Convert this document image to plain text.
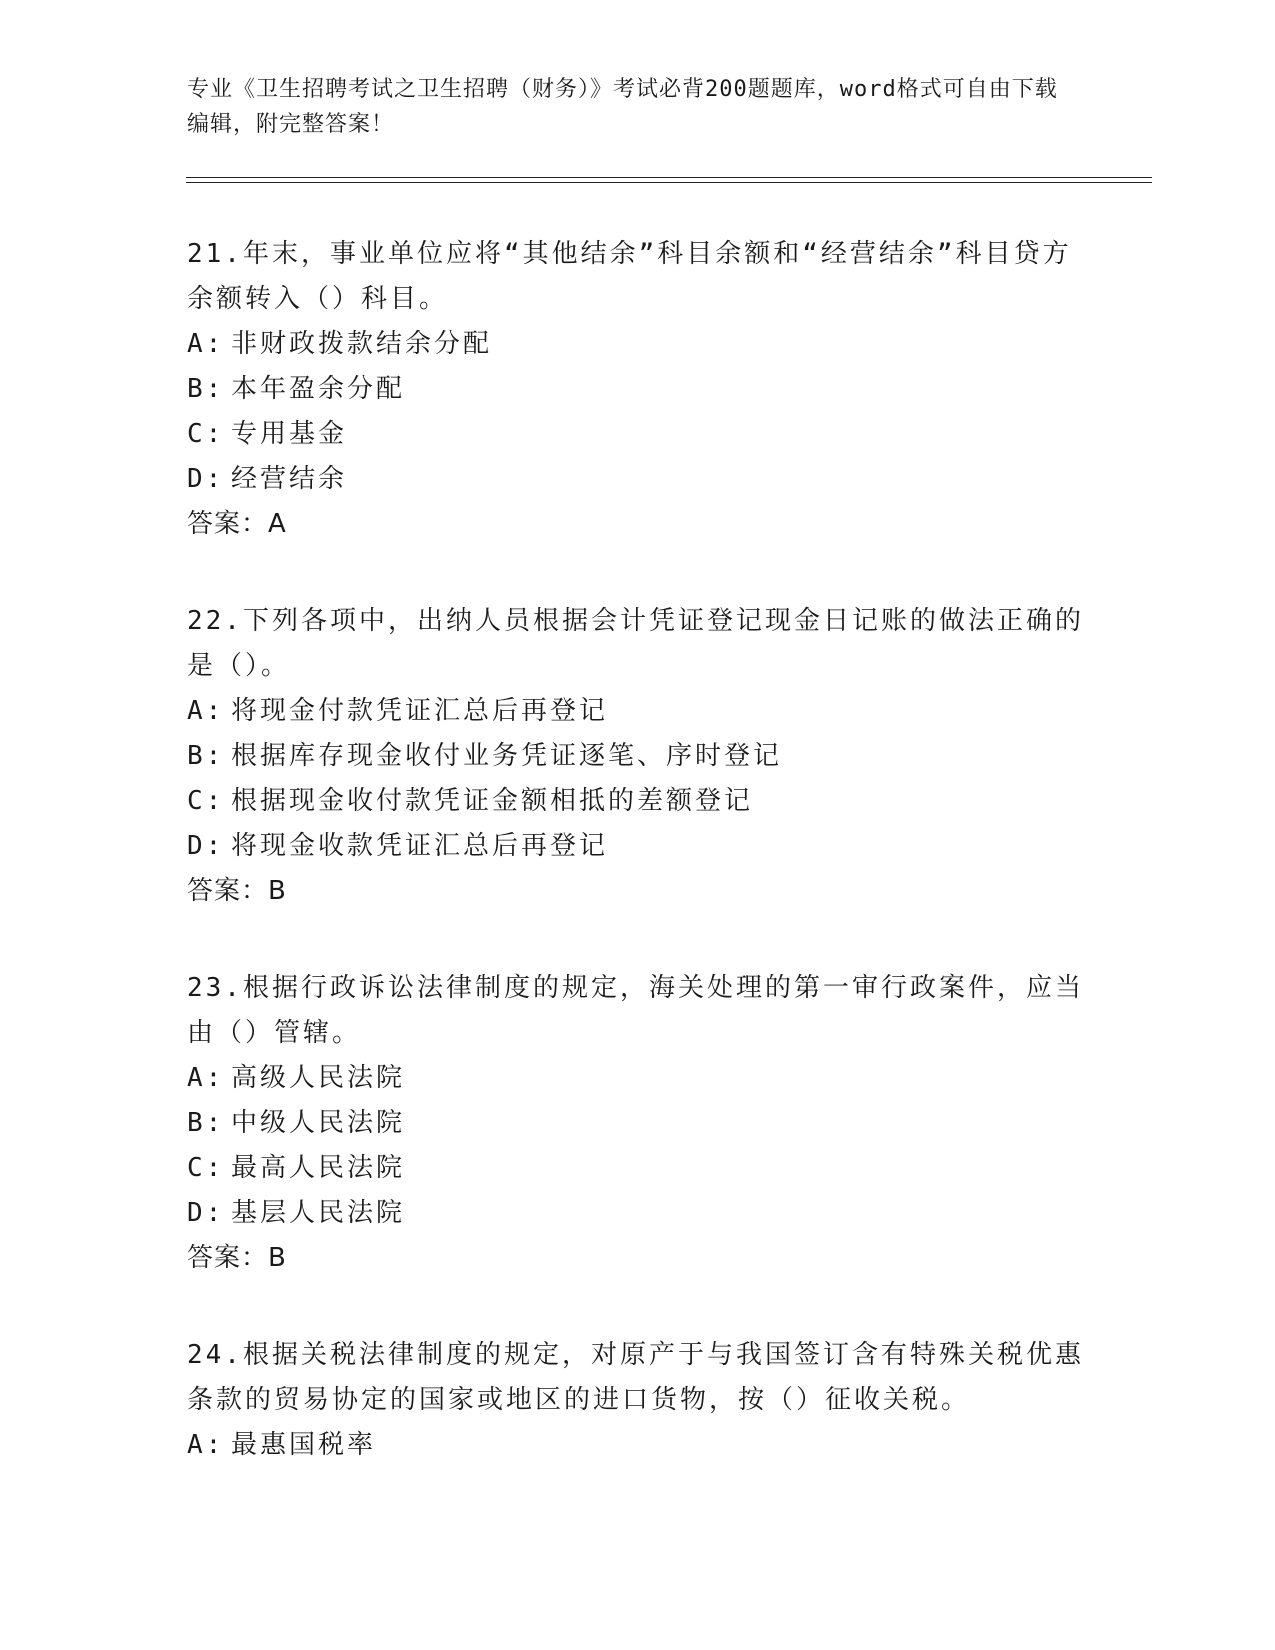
专业《卫生招聘考试之卫生招聘（财务）》考试必背200题题库，word格式可自由下载编辑，附完整答案！

21.年末，事业单位应将“其他结余”科目余额和“经营结余”科目贷方余额转入（）科目。

A: 非财政拨款结余分配

B: 本年盈余分配

C: 专用基金

D: 经营结余

答案：A

22.下列各项中，出纳人员根据会计凭证登记现金日记账的做法正确的是（）。

A: 将现金付款凭证汇总后再登记

B: 根据库存现金收付业务凭证逐笔、序时登记

C: 根据现金收付款凭证金额相抵的差额登记

D: 将现金收款凭证汇总后再登记

答案：B

23.根据行政诉讼法律制度的规定，海关处理的第一审行政案件，应当由（）管辖。

A: 高级人民法院

B: 中级人民法院

C: 最高人民法院

D: 基层人民法院

答案：B

24.根据关税法律制度的规定，对原产于与我国签订含有特殊关税优惠条款的贸易协定的国家或地区的进口货物，按（）征收关税。

A: 最惠国税率
